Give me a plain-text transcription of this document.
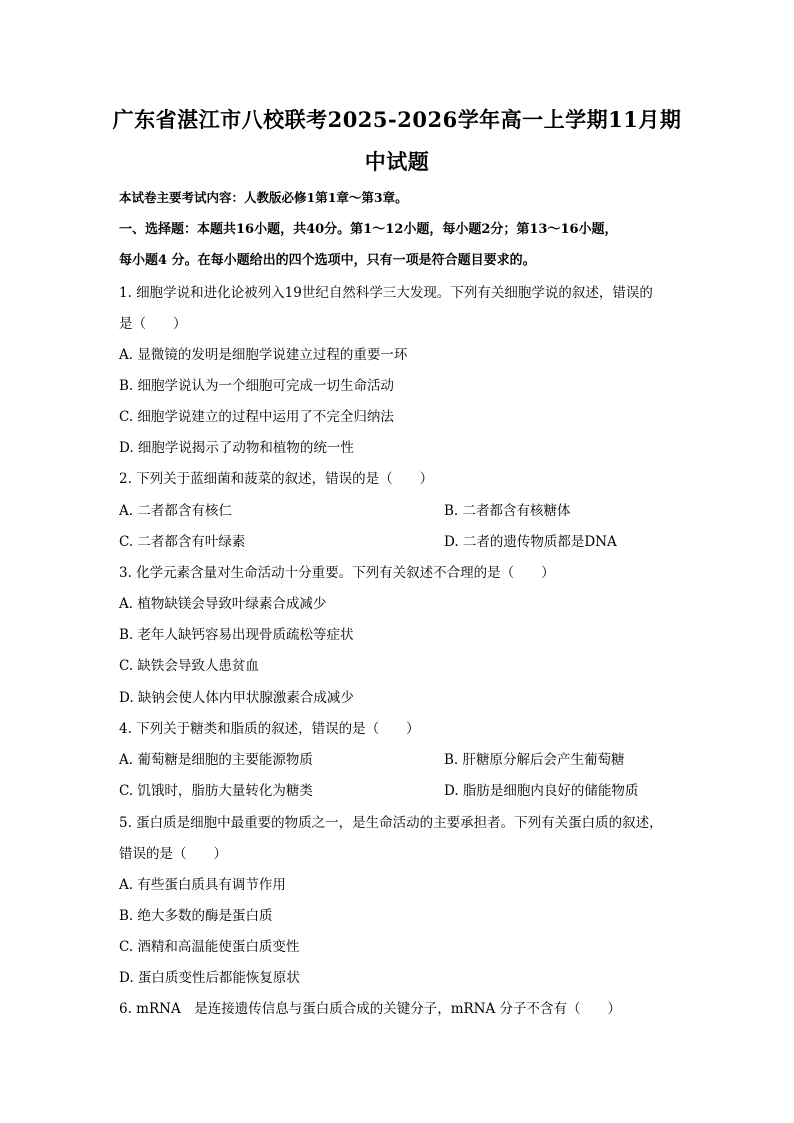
广东省湛江市八校联考2025-2026学年高一上学期11月期
中试题
本试卷主要考试内容：人教版必修1第1章～第3章。
一、选择题：本题共16小题，共40分。第1～12小题，每小题2分；第13～16小题，
每小题4 分。在每小题给出的四个选项中，只有一项是符合题目要求的。
1. 细胞学说和进化论被列入19世纪自然科学三大发现。下列有关细胞学说的叙述，错误的
是（　　）
A. 显微镜的发明是细胞学说建立过程的重要一环
B. 细胞学说认为一个细胞可完成一切生命活动
C. 细胞学说建立的过程中运用了不完全归纳法
D. 细胞学说揭示了动物和植物的统一性
2. 下列关于蓝细菌和菠菜的叙述，错误的是（　　）
A. 二者都含有核仁	B. 二者都含有核糖体
C. 二者都含有叶绿素	D. 二者的遗传物质都是DNA
3. 化学元素含量对生命活动十分重要。下列有关叙述不合理的是（　　）
A. 植物缺镁会导致叶绿素合成减少
B. 老年人缺钙容易出现骨质疏松等症状
C. 缺铁会导致人患贫血
D. 缺钠会使人体内甲状腺激素合成减少
4. 下列关于糖类和脂质的叙述，错误的是（　　）
A. 葡萄糖是细胞的主要能源物质	B. 肝糖原分解后会产生葡萄糖
C. 饥饿时，脂肪大量转化为糖类	D. 脂肪是细胞内良好的储能物质
5. 蛋白质是细胞中最重要的物质之一，是生命活动的主要承担者。下列有关蛋白质的叙述，
错误的是（　　）
A. 有些蛋白质具有调节作用
B. 绝大多数的酶是蛋白质
C. 酒精和高温能使蛋白质变性
D. 蛋白质变性后都能恢复原状
6. mRNA　是连接遗传信息与蛋白质合成的关键分子，mRNA 分子不含有（　　）
